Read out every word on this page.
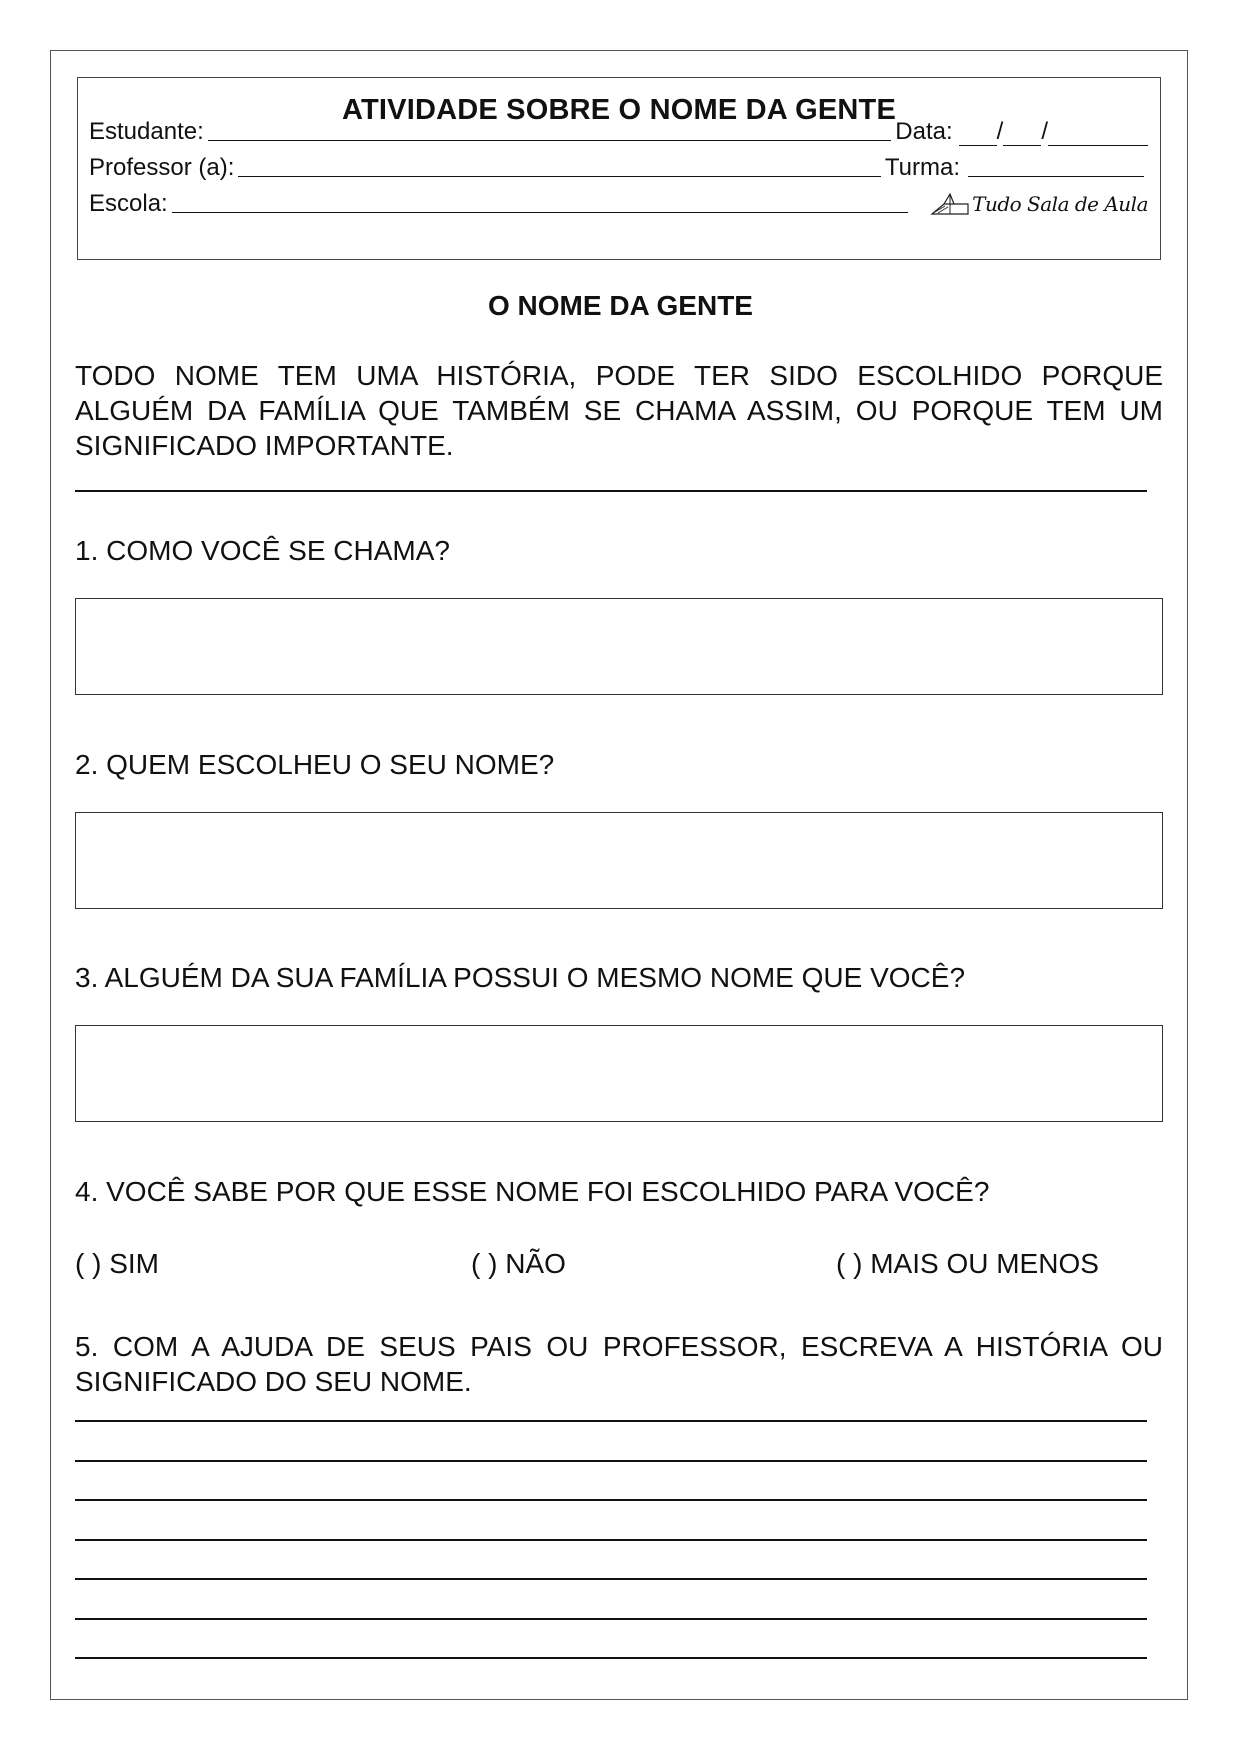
ATIVIDADE SOBRE O NOME DA GENTE
Estudante:	Data: / /
Professor (a):	Turma:
Escola:	Tudo Sala de Aula
O NOME DA GENTE
TODO NOME TEM UMA HISTÓRIA, PODE TER SIDO ESCOLHIDO PORQUE ALGUÉM DA FAMÍLIA QUE TAMBÉM SE CHAMA ASSIM, OU PORQUE TEM UM SIGNIFICADO IMPORTANTE.
1. COMO VOCÊ SE CHAMA?
2. QUEM ESCOLHEU O SEU NOME?
3. ALGUÉM DA SUA FAMÍLIA POSSUI O MESMO NOME QUE VOCÊ?
4. VOCÊ SABE POR QUE ESSE NOME FOI ESCOLHIDO PARA VOCÊ?
( ) SIM	( ) NÃO	( ) MAIS OU MENOS
5. COM A AJUDA DE SEUS PAIS OU PROFESSOR, ESCREVA A HISTÓRIA OU SIGNIFICADO DO SEU NOME.
